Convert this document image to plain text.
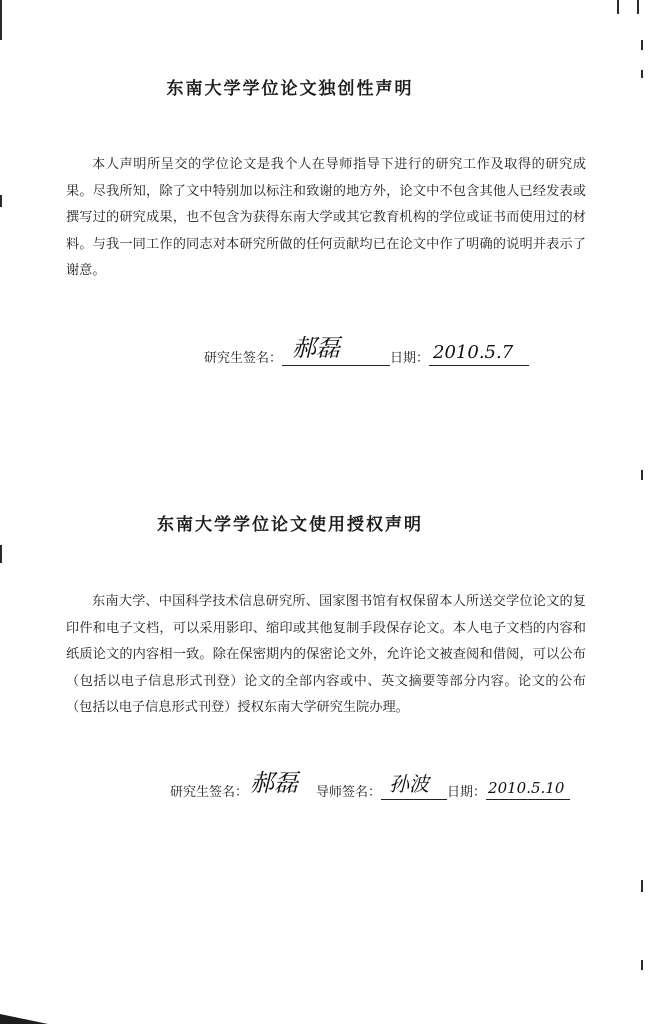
东南大学学位论文独创性声明

本人声明所呈交的学位论文是我个人在导师指导下进行的研究工作及取得的研究成果。尽我所知，除了文中特别加以标注和致谢的地方外，论文中不包含其他人已经发表或撰写过的研究成果，也不包含为获得东南大学或其它教育机构的学位或证书而使用过的材料。与我一同工作的同志对本研究所做的任何贡献均已在论文中作了明确的说明并表示了谢意。

研究生签名： 郝磊	日期： 2010.5.7
东南大学学位论文使用授权声明

东南大学、中国科学技术信息研究所、国家图书馆有权保留本人所送交学位论文的复印件和电子文档，可以采用影印、缩印或其他复制手段保存论文。本人电子文档的内容和纸质论文的内容相一致。除在保密期内的保密论文外，允许论文被查阅和借阅，可以公布（包括以电子信息形式刊登）论文的全部内容或中、英文摘要等部分内容。论文的公布（包括以电子信息形式刊登）授权东南大学研究生院办理。

研究生签名： 郝磊 导师签名： 孙波 日期： 2010.5.10
